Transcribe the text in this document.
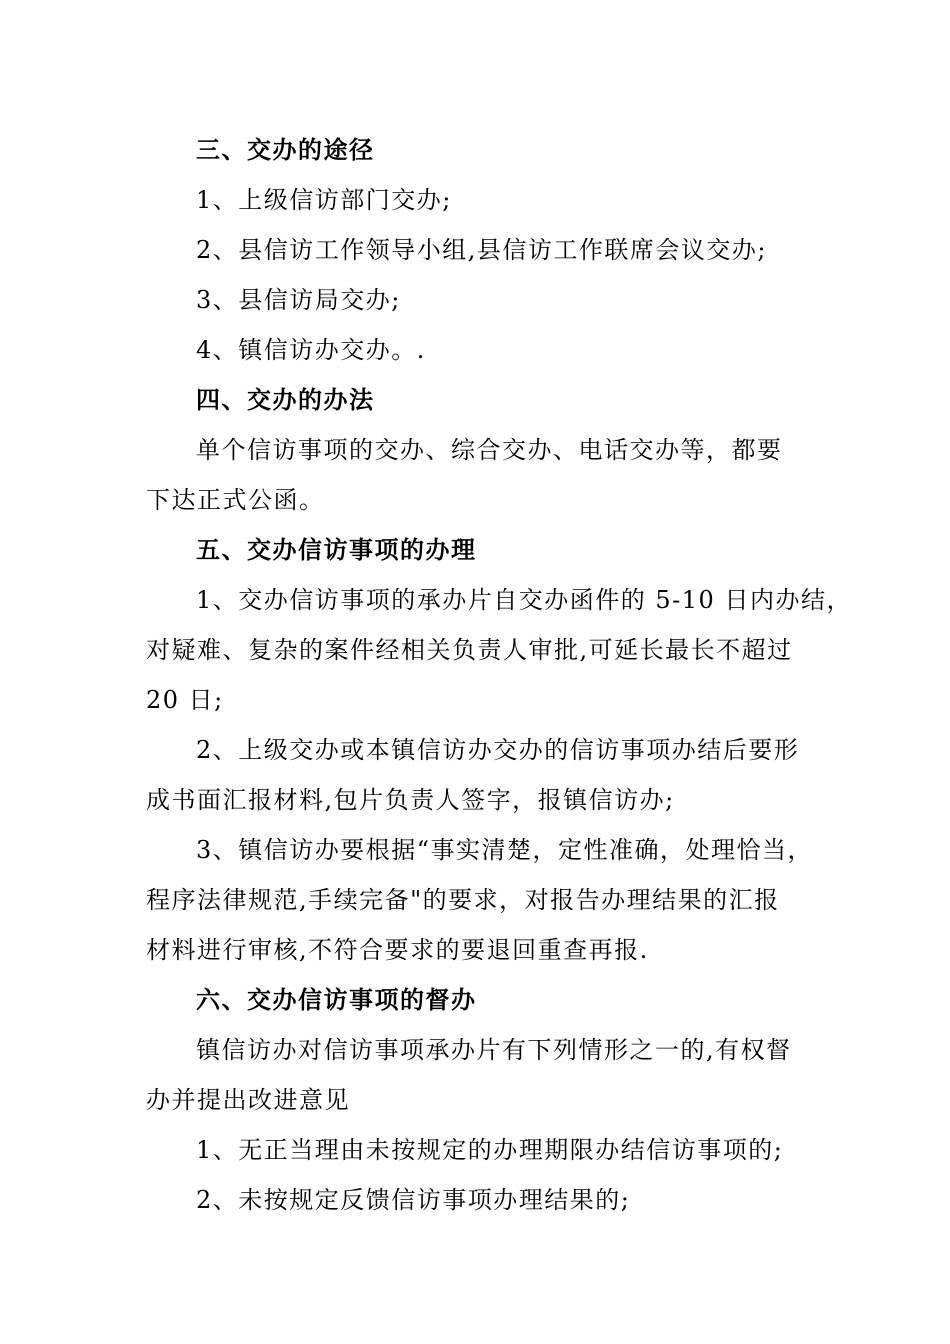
三、交办的途径
1、上级信访部门交办;
2、县信访工作领导小组,县信访工作联席会议交办;
3、县信访局交办;
4、镇信访办交办。.
四、交办的办法
单个信访事项的交办、综合交办、电话交办等，都要
下达正式公函。
五、交办信访事项的办理
1、交办信访事项的承办片自交办函件的 5-10 日内办结，
对疑难、复杂的案件经相关负责人审批,可延长最长不超过
20 日;
2、上级交办或本镇信访办交办的信访事项办结后要形
成书面汇报材料,包片负责人签字，报镇信访办;
3、镇信访办要根据“事实清楚，定性准确，处理恰当，
程序法律规范,手续完备"的要求，对报告办理结果的汇报
材料进行审核,不符合要求的要退回重查再报.
六、交办信访事项的督办
镇信访办对信访事项承办片有下列情形之一的,有权督
办并提出改进意见
1、无正当理由未按规定的办理期限办结信访事项的;
2、未按规定反馈信访事项办理结果的;
